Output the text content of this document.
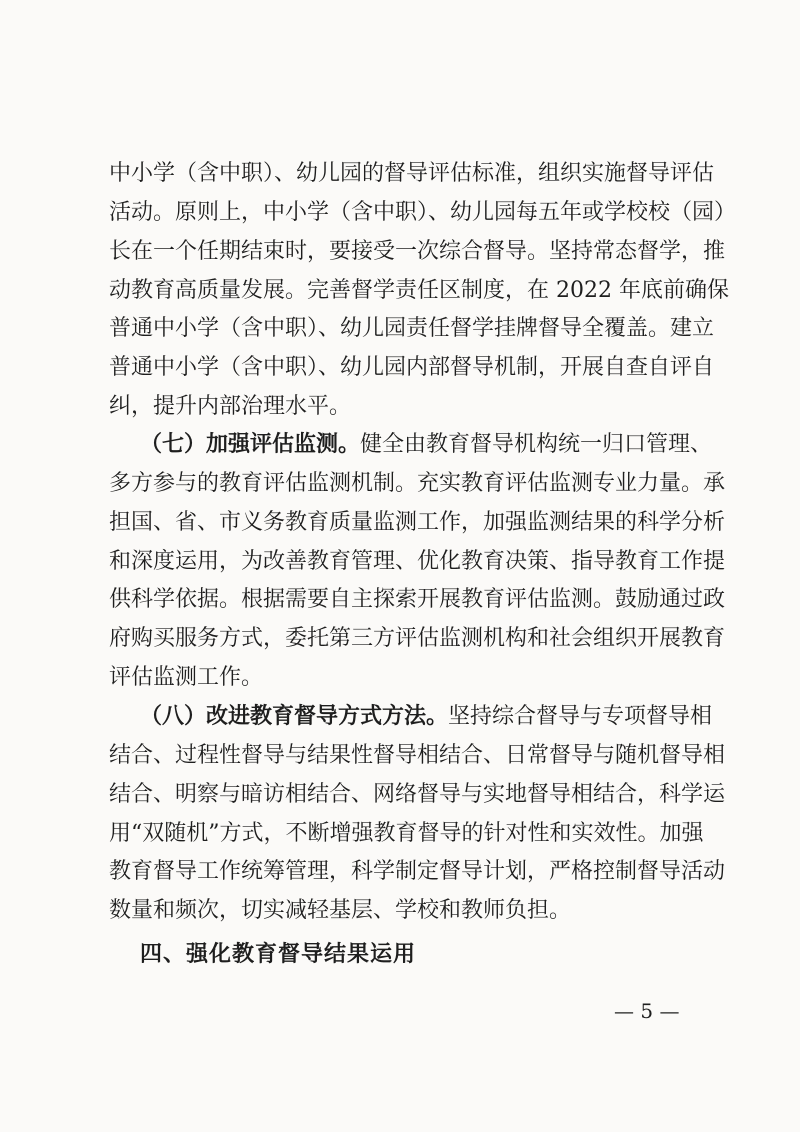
中小学（含中职）、幼儿园的督导评估标准，组织实施督导评估
活动。原则上，中小学（含中职）、幼儿园每五年或学校校（园）
长在一个任期结束时，要接受一次综合督导。坚持常态督学，推
动教育高质量发展。完善督学责任区制度，在 2022 年底前确保
普通中小学（含中职）、幼儿园责任督学挂牌督导全覆盖。建立
普通中小学（含中职）、幼儿园内部督导机制，开展自查自评自
纠，提升内部治理水平。
（七）加强评估监测。健全由教育督导机构统一归口管理、
多方参与的教育评估监测机制。充实教育评估监测专业力量。承
担国、省、市义务教育质量监测工作，加强监测结果的科学分析
和深度运用，为改善教育管理、优化教育决策、指导教育工作提
供科学依据。根据需要自主探索开展教育评估监测。鼓励通过政
府购买服务方式，委托第三方评估监测机构和社会组织开展教育
评估监测工作。
（八）改进教育督导方式方法。坚持综合督导与专项督导相
结合、过程性督导与结果性督导相结合、日常督导与随机督导相
结合、明察与暗访相结合、网络督导与实地督导相结合，科学运
用“双随机”方式，不断增强教育督导的针对性和实效性。加强
教育督导工作统筹管理，科学制定督导计划，严格控制督导活动
数量和频次，切实减轻基层、学校和教师负担。
四、强化教育督导结果运用
— 5 —
